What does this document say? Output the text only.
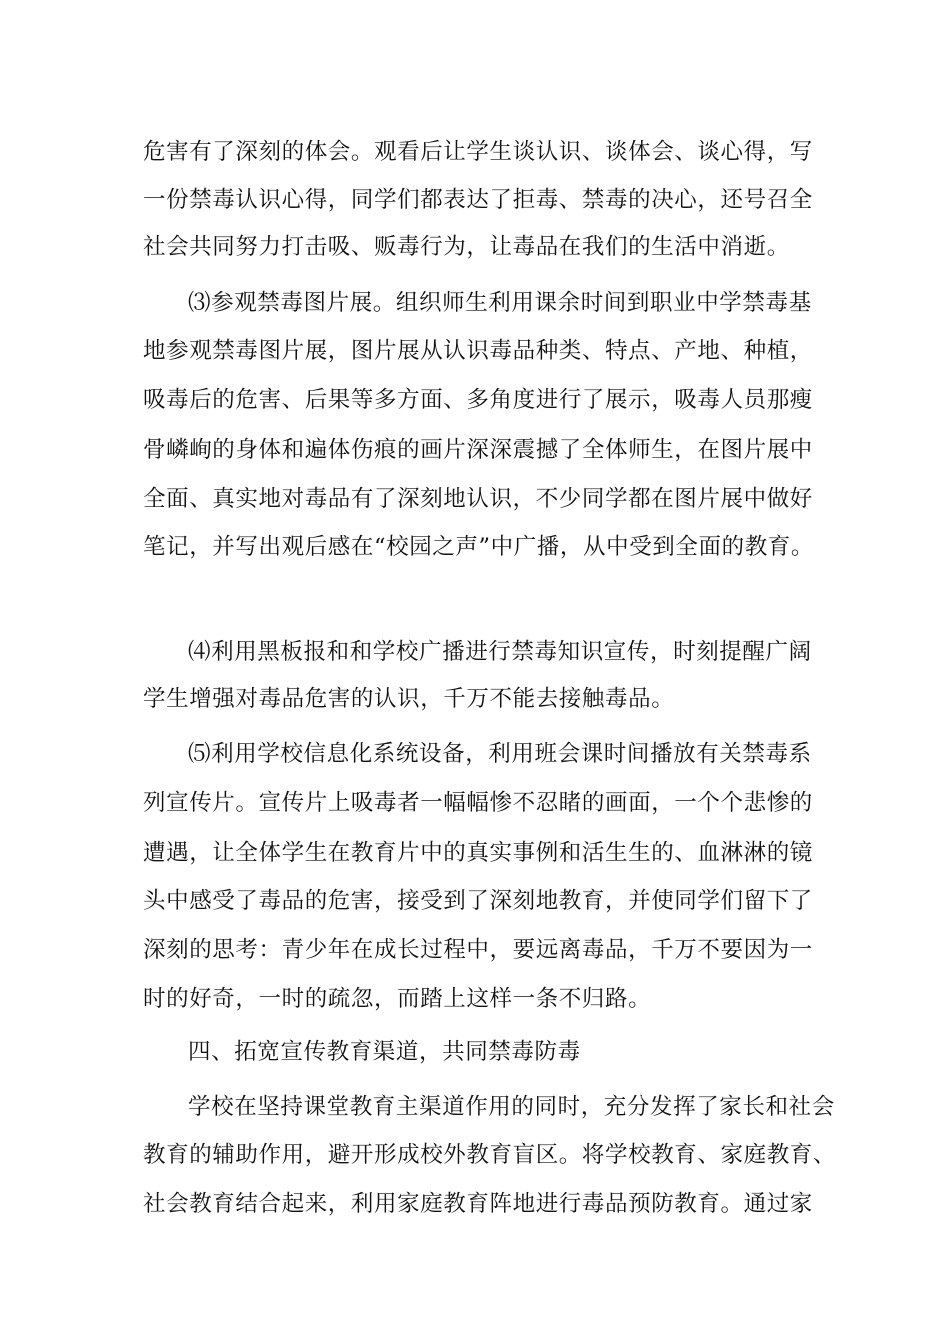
危害有了深刻的体会。观看后让学生谈认识、谈体会、谈心得，写
一份禁毒认识心得，同学们都表达了拒毒、禁毒的决心，还号召全
社会共同努力打击吸、贩毒行为，让毒品在我们的生活中消逝。
⑶参观禁毒图片展。组织师生利用课余时间到职业中学禁毒基
地参观禁毒图片展，图片展从认识毒品种类、特点、产地、种植，
吸毒后的危害、后果等多方面、多角度进行了展示，吸毒人员那瘦
骨嶙峋的身体和遍体伤痕的画片深深震撼了全体师生，在图片展中
全面、真实地对毒品有了深刻地认识，不少同学都在图片展中做好
笔记，并写出观后感在“校园之声”中广播，从中受到全面的教育。
⑷利用黑板报和和学校广播进行禁毒知识宣传，时刻提醒广阔
学生增强对毒品危害的认识，千万不能去接触毒品。
⑸利用学校信息化系统设备，利用班会课时间播放有关禁毒系
列宣传片。宣传片上吸毒者一幅幅惨不忍睹的画面，一个个悲惨的
遭遇，让全体学生在教育片中的真实事例和活生生的、血淋淋的镜
头中感受了毒品的危害，接受到了深刻地教育，并使同学们留下了
深刻的思考：青少年在成长过程中，要远离毒品，千万不要因为一
时的好奇，一时的疏忽，而踏上这样一条不归路。
四、拓宽宣传教育渠道，共同禁毒防毒
学校在坚持课堂教育主渠道作用的同时，充分发挥了家长和社会
教育的辅助作用，避开形成校外教育盲区。将学校教育、家庭教育、
社会教育结合起来，利用家庭教育阵地进行毒品预防教育。通过家
